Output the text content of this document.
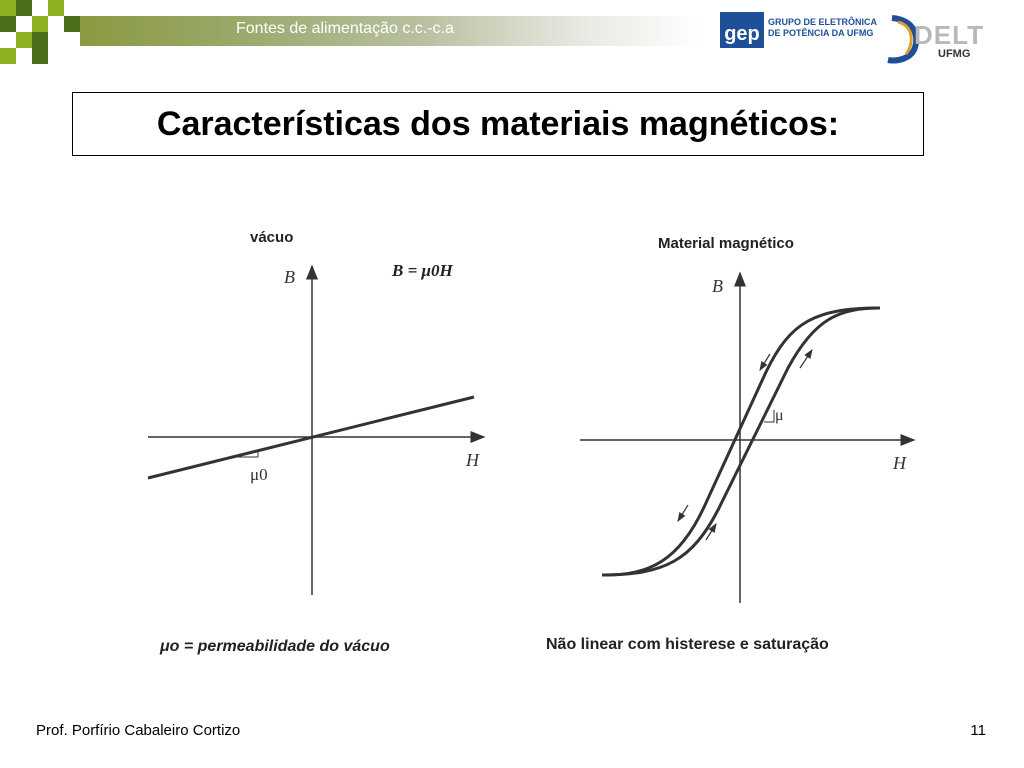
Fontes de alimentação c.c.-c.a	gep
GRUPO DE ELETRÔNICA
DE POTÊNCIA DA UFMG DELT
UFMG
Características dos materiais magnéticos:
vácuo
B = μ0H
B
H
μ0
μo = permeabilidade do vácuo
Material magnético
B
H
μ
Não linear com histerese e saturação
Prof. Porfírio Cabaleiro Cortizo	11
